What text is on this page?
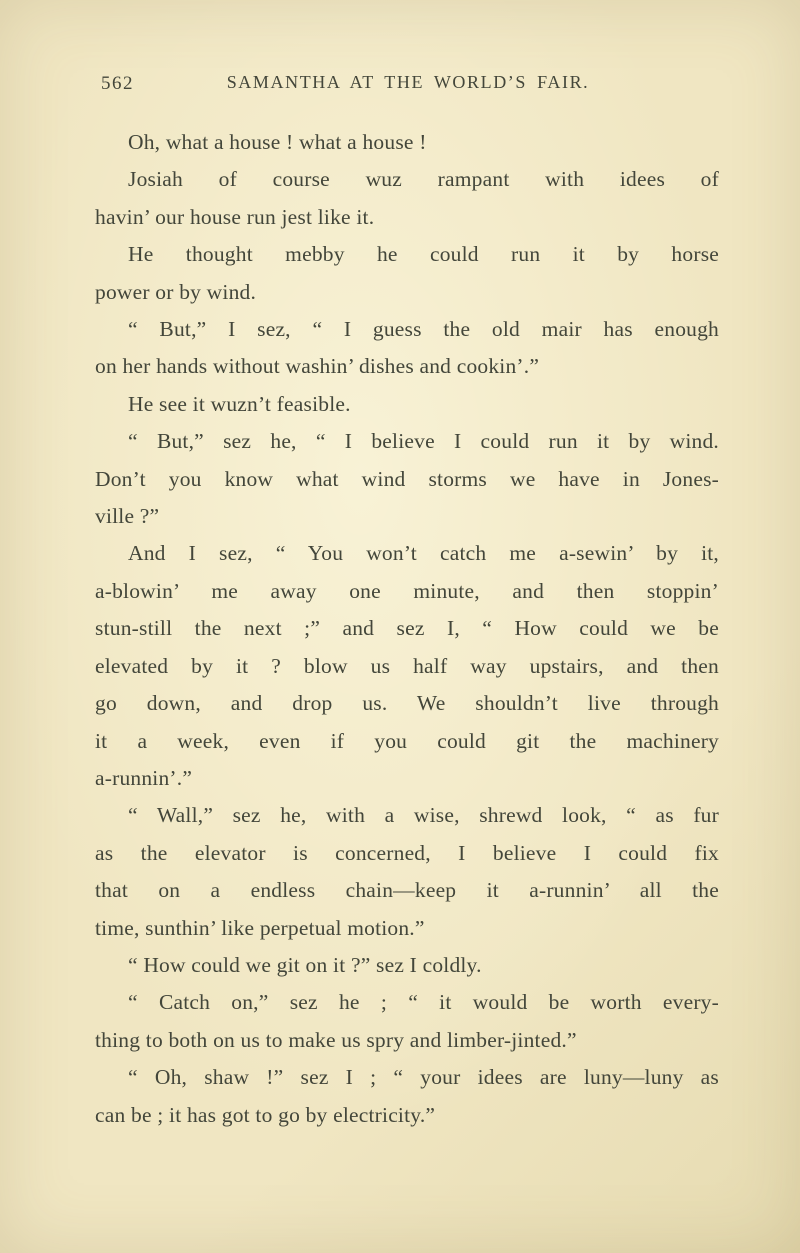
562	SAMANTHA AT THE WORLD’S FAIR.

Oh, what a house ! what a house !

Josiah of course wuz rampant with idees of
havin’ our house run jest like it.

He thought mebby he could run it by horse
power or by wind.

“ But,” I sez, “ I guess the old mair has enough
on her hands without washin’ dishes and cookin’.”

He see it wuzn’t feasible.

“ But,” sez he, “ I believe I could run it by wind.
Don’t you know what wind storms we have in Jones-
ville ?”

And I sez, “ You won’t catch me a-sewin’ by it,
a-blowin’ me away one minute, and then stoppin’
stun-still the next ;” and sez I, “ How could we be
elevated by it ? blow us half way upstairs, and then
go down, and drop us. We shouldn’t live through
it a week, even if you could git the machinery
a-runnin’.”

“ Wall,” sez he, with a wise, shrewd look, “ as fur
as the elevator is concerned, I believe I could fix
that on a endless chain—keep it a-runnin’ all the
time, sunthin’ like perpetual motion.”

“ How could we git on it ?” sez I coldly.

“ Catch on,” sez he ; “ it would be worth every-
thing to both on us to make us spry and limber-jinted.”

“ Oh, shaw !” sez I ; “ your idees are luny—luny as
can be ; it has got to go by electricity.”
